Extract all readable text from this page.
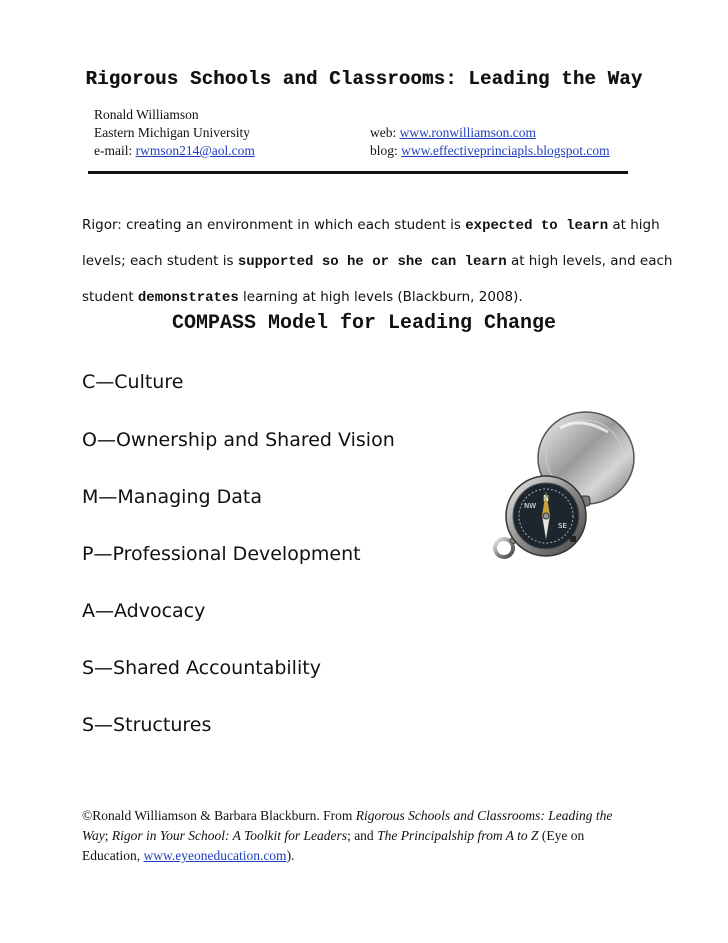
Rigorous Schools and Classrooms: Leading the Way
Ronald Williamson
Eastern Michigan University
e-mail: rwmson214@aol.com
web: www.ronwilliamson.com
blog: www.effectiveprinciapls.blogspot.com
Rigor: creating an environment in which each student is expected to learn at high levels; each student is supported so he or she can learn at high levels, and each student demonstrates learning at high levels (Blackburn, 2008).
COMPASS Model for Leading Change
C—Culture
O—Ownership and Shared Vision
M—Managing Data
P—Professional Development
A—Advocacy
S—Shared Accountability
S—Structures
N
SE
NW
©Ronald Williamson & Barbara Blackburn. From Rigorous Schools and Classrooms: Leading the Way; Rigor in Your School: A Toolkit for Leaders; and The Principalship from A to Z (Eye on Education, www.eyeoneducation.com).
